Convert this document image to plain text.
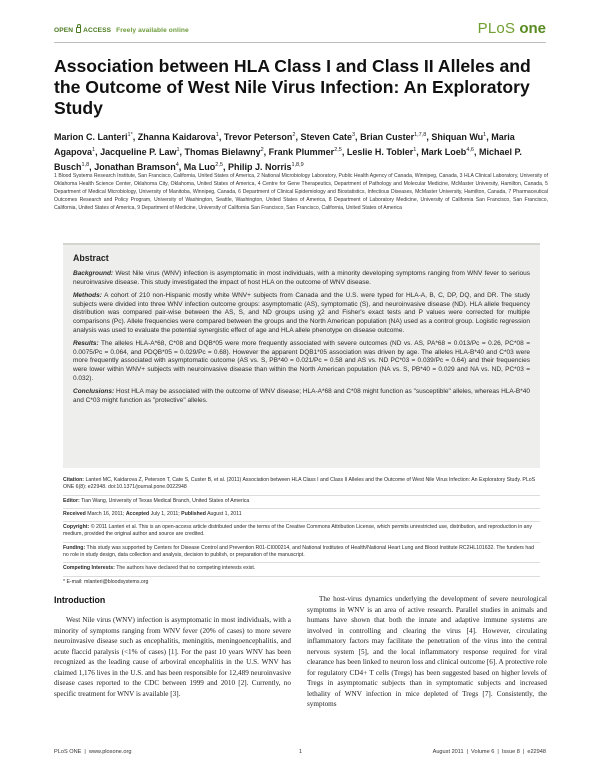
OPEN ACCESS Freely available online	PLoS one
Association between HLA Class I and Class II Alleles and the Outcome of West Nile Virus Infection: An Exploratory Study
Marion C. Lanteri$^{1*}$, Zhanna Kaidarova$^1$, Trevor Peterson$^2$, Steven Cate$^3$, Brian Custer$^{1,7,8}$, Shiquan Wu$^1$, Maria Agapova$^1$, Jacqueline P. Law$^1$, Thomas Bielawny$^2$, Frank Plummer$^{2,5}$, Leslie H. Tobler$^1$, Mark Loeb$^{4,6}$, Michael P. Busch$^{1,8}$, Jonathan Bramson$^4$, Ma Luo$^{2,5}$, Philip J. Norris$^{1,8,9}$
1 Blood Systems Research Institute, San Francisco, California, United States of America, 2 National Microbiology Laboratory, Public Health Agency of Canada, Winnipeg, Canada, 3 HLA Clinical Laboratory, University of Oklahoma Health Science Center, Oklahoma City, Oklahoma, United States of America, 4 Centre for Gene Therapeutics, Department of Pathology and Molecular Medicine, McMaster University, Hamilton, Canada, 5 Department of Medical Microbiology, University of Manitoba, Winnipeg, Canada, 6 Department of Clinical Epidemiology and Biostatistics, Infectious Diseases, McMaster University, Hamilton, Canada, 7 Pharmaceutical Outcomes Research and Policy Program, University of Washington, Seattle, Washington, United States of America, 8 Department of Laboratory Medicine, University of California San Francisco, San Francisco, California, United States of America, 9 Department of Medicine, University of California San Francisco, San Francisco, California, United States of America
Abstract

Background: West Nile virus (WNV) infection is asymptomatic in most individuals, with a minority developing symptoms ranging from WNV fever to serious neuroinvasive disease. This study investigated the impact of host HLA on the outcome of WNV disease.

Methods: A cohort of 210 non-Hispanic mostly white WNV+ subjects from Canada and the U.S. were typed for HLA-A, B, C, DP, DQ, and DR. The study subjects were divided into three WNV infection outcome groups: asymptomatic (AS), symptomatic (S), and neuroinvasive disease (ND). HLA allele frequency distribution was compared pair-wise between the AS, S, and ND groups using χ2 and Fisher's exact tests and P values were corrected for multiple comparisons (Pc). Allele frequencies were compared between the groups and the North American population (NA) used as a control group. Logistic regression analysis was used to evaluate the potential synergistic effect of age and HLA allele phenotype on disease outcome.

Results: The alleles HLA-A*68, C*08 and DQB*05 were more frequently associated with severe outcomes (ND vs. AS, PA*68 = 0.013/Pc = 0.26, PC*08 = 0.0075/Pc = 0.064, and PDQB*05 = 0.029/Pc = 0.68). However the apparent DQB1*05 association was driven by age. The alleles HLA-B*40 and C*03 were more frequently associated with asymptomatic outcome (AS vs. S, PB*40 = 0.021/Pc = 0.58 and AS vs. ND PC*03 = 0.039/Pc = 0.64) and their frequencies were lower within WNV+ subjects with neuroinvasive disease than within the North American population (NA vs. S, PB*40 = 0.029 and NA vs. ND, PC*03 = 0.032).

Conclusions: Host HLA may be associated with the outcome of WNV disease; HLA-A*68 and C*08 might function as "susceptible" alleles, whereas HLA-B*40 and C*03 might function as "protective" alleles.

Citation: Lanteri MC, Kaidarova Z, Peterson T, Cate S, Custer B, et al. (2011) Association between HLA Class I and Class II Alleles and the Outcome of West Nile Virus Infection: An Exploratory Study. PLoS ONE 6(8): e22948. doi:10.1371/journal.pone.0022948
Editor: Tian Wang, University of Texas Medical Branch, United States of America
Received March 16, 2011; Accepted July 1, 2011; Published August 1, 2011
Copyright: © 2011 Lanteri et al. This is an open-access article distributed under the terms of the Creative Commons Attribution License, which permits unrestricted use, distribution, and reproduction in any medium, provided the original author and source are credited.
Funding: This study was supported by Centers for Disease Control and Prevention R01-CI000214, and National Institutes of Health/National Heart Lung and Blood Institute RC2HL101632. The funders had no role in study design, data collection and analysis, decision to publish, or preparation of the manuscript.
Competing Interests: The authors have declared that no competing interests exist.
* E-mail: mlanteri@bloodsystems.org
Introduction

West Nile virus (WNV) infection is asymptomatic in most individuals, with a minority of symptoms ranging from WNV fever (20% of cases) to more severe neuroinvasive disease such as encephalitis, meningitis, meningoencephalitis, and acute flaccid paralysis (<1% of cases) [1]. For the past 10 years WNV has been recognized as the leading cause of arboviral encephalitis in the U.S. WNV has claimed 1,176 lives in the U.S. and has been responsible for 12,489 neuroinvasive disease cases reported to the CDC between 1999 and 2010 [2]. Currently, no specific treatment for WNV is available [3].

The host-virus dynamics underlying the development of severe neurological symptoms in WNV is an area of active research. Parallel studies in animals and humans have shown that both the innate and adaptive immune systems are involved in controlling and clearing the virus [4]. However, circulating inflammatory factors may facilitate the penetration of the virus into the central nervous system [5], and the local inflammatory response required for viral clearance has been linked to neuron loss and clinical outcome [6]. A protective role for regulatory CD4+ T cells (Tregs) has been suggested based on higher levels of Tregs in asymptomatic subjects than in symptomatic subjects and increased lethality of WNV infection in mice depleted of Tregs [7]. Consistently, the symptoms

PLoS ONE | www.plosone.org	1	August 2011 | Volume 6 | Issue 8 | e22948
